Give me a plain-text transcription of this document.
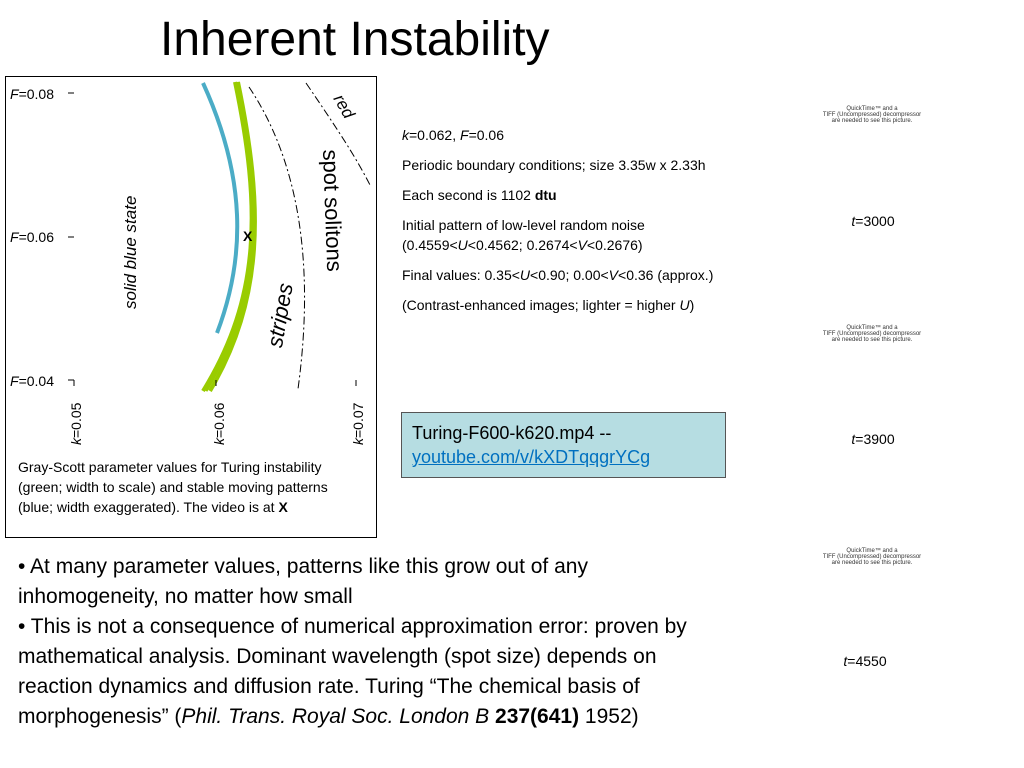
Inherent Instability
F=0.08
F=0.06
F=0.04
k=0.05
k=0.06
k=0.07
solid blue state
stripes
spot solitons
red
X
Gray-Scott parameter values for Turing instability (green; width to scale) and stable moving patterns (blue; width exaggerated). The video is at X

k=0.062, F=0.06

Periodic boundary conditions; size 3.35w x 2.33h

Each second is 1102 dtu

Initial pattern of low-level random noise (0.4559<U<0.4562; 0.2674<V<0.2676)

Final values: 0.35<U<0.90; 0.00<V<0.36 (approx.)

(Contrast-enhanced images; lighter = higher U)

Turing-F600-k620.mp4 --
youtube.com/v/kXDTqqgrYCg
QuickTime™ and a
TIFF (Uncompressed) decompressor
are needed to see this picture.
t=3000
QuickTime™ and a
TIFF (Uncompressed) decompressor
are needed to see this picture.
t=3900
QuickTime™ and a
TIFF (Uncompressed) decompressor
are needed to see this picture.
t=4550
• At many parameter values, patterns like this grow out of any inhomogeneity, no matter how small
• This is not a consequence of numerical approximation error: proven by mathematical analysis. Dominant wavelength (spot size) depends on reaction dynamics and diffusion rate. Turing “The chemical basis of morphogenesis” (Phil. Trans. Royal Soc. London B 237(641) 1952)
